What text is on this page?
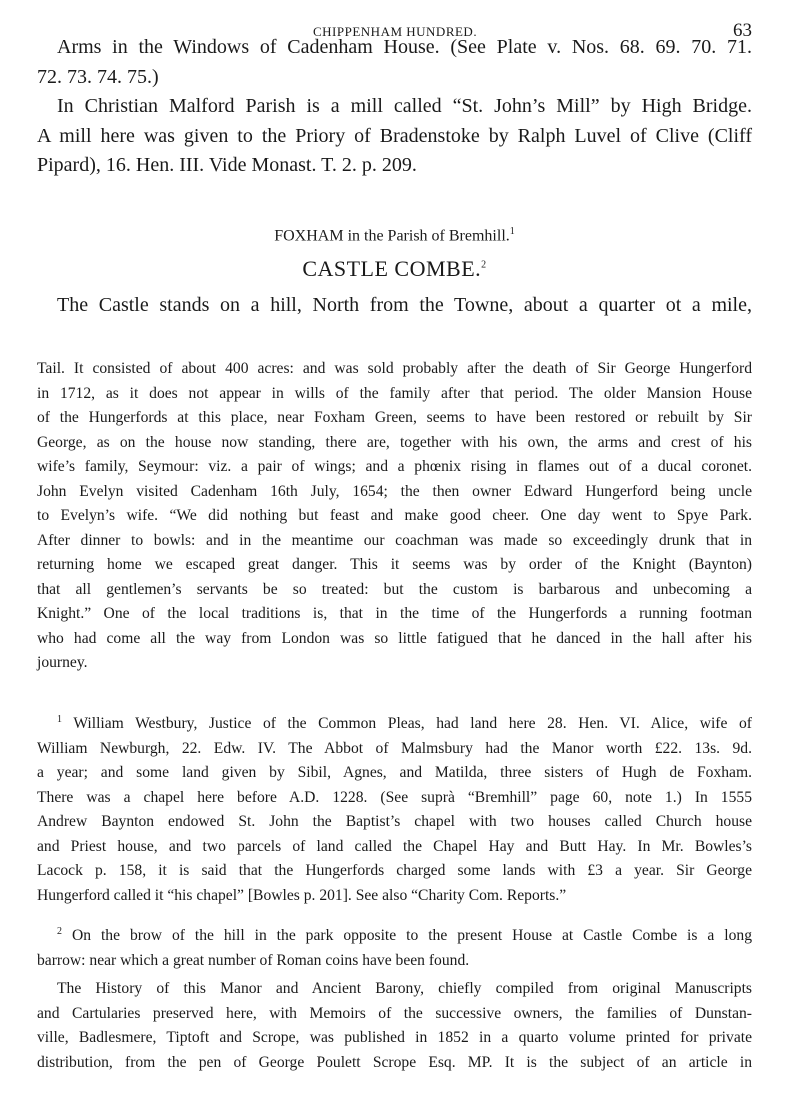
CHIPPENHAM HUNDRED.	63
Arms in the Windows of Cadenham House. (See Plate v. Nos. 68. 69. 70. 71.
72. 73. 74. 75.)
In Christian Malford Parish is a mill called “St. John’s Mill” by High Bridge.
A mill here was given to the Priory of Bradenstoke by Ralph Luvel of Clive (Cliff
Pipard), 16. Hen. III. Vide Monast. T. 2. p. 209.
FOXHAM in the Parish of Bremhill.$^1$
CASTLE COMBE.$^2$
The Castle stands on a hill, North from the Towne, about a quarter ot a mile,
Tail. It consisted of about 400 acres: and was sold probably after the death of Sir George Hungerford
in 1712, as it does not appear in wills of the family after that period. The older Mansion House
of the Hungerfords at this place, near Foxham Green, seems to have been restored or rebuilt by Sir
George, as on the house now standing, there are, together with his own, the arms and crest of his
wife’s family, Seymour: viz. a pair of wings; and a phœnix rising in flames out of a ducal coronet.
John Evelyn visited Cadenham 16th July, 1654; the then owner Edward Hungerford being uncle
to Evelyn’s wife. “We did nothing but feast and make good cheer. One day went to Spye Park.
After dinner to bowls: and in the meantime our coachman was made so exceedingly drunk that in
returning home we escaped great danger. This it seems was by order of the Knight (Baynton)
that all gentlemen’s servants be so treated: but the custom is barbarous and unbecoming a
Knight.” One of the local traditions is, that in the time of the Hungerfords a running footman
who had come all the way from London was so little fatigued that he danced in the hall after his
journey.
$^1$ William Westbury, Justice of the Common Pleas, had land here 28. Hen. VI. Alice, wife of
William Newburgh, 22. Edw. IV. The Abbot of Malmsbury had the Manor worth £22. 13s. 9d.
a year; and some land given by Sibil, Agnes, and Matilda, three sisters of Hugh de Foxham.
There was a chapel here before A.D. 1228. (See suprà “Bremhill” page 60, note 1.) In 1555
Andrew Baynton endowed St. John the Baptist’s chapel with two houses called Church house
and Priest house, and two parcels of land called the Chapel Hay and Butt Hay. In Mr. Bowles’s
Lacock p. 158, it is said that the Hungerfords charged some lands with £3 a year. Sir George
Hungerford called it “his chapel” [Bowles p. 201]. See also “Charity Com. Reports.”
$^2$ On the brow of the hill in the park opposite to the present House at Castle Combe is a long
barrow: near which a great number of Roman coins have been found.
The History of this Manor and Ancient Barony, chiefly compiled from original Manuscripts
and Cartularies preserved here, with Memoirs of the successive owners, the families of Dunstan-
ville, Badlesmere, Tiptoft and Scrope, was published in 1852 in a quarto volume printed for private
distribution, from the pen of George Poulett Scrope Esq. MP. It is the subject of an article in
